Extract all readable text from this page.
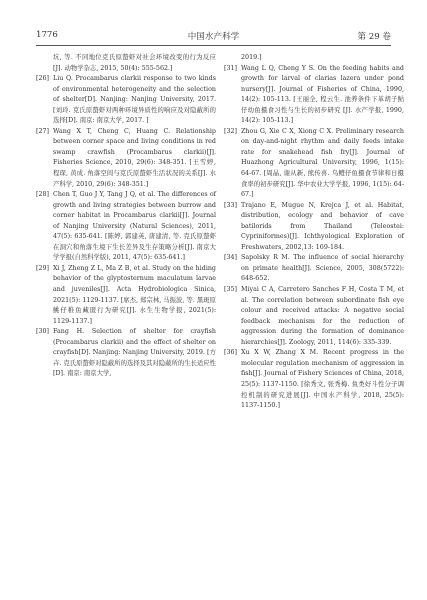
1776	中国水产科学	第 29 卷
坑, 等. 不同地位克氏原螯虾对社会环境改变的行为反应 [J]. 动物学杂志, 2015, 50(4): 555-562.]
[26] Liu Q. Procambarus clarkii response to two kinds of environmental heterogeneity and the selection of shelter[D]. Nanjing: Nanjing University, 2017. [刘玲. 克氏原螯虾对两种环境异质性的响应及对隐蔽所的选择[D]. 南京: 南京大学, 2017. ]
[27] Wang X T, Cheng C, Huang C. Relationship between corner space and living conditions in red swamp crawfish (Procambarus clarkii)[J]. Fisheries Science, 2010, 29(6): 348-351. [王雪婷, 程琛, 黄成. 角落空间与克氏原螯虾生活状况的关系[J]. 水产科学, 2010, 29(6): 348-351.]
[28] Chen T, Guo J Y, Tang J Q, et al. The differences of growth and living strategies between burrow and corner habitat in Procambarus clarkii[J]. Journal of Nanjing University (Natural Sciences), 2011, 47(5): 635-641. [陈婷, 郭建英, 唐建清, 等. 克氏原螯虾在洞穴和角落生境下生长差异及生存策略分析[J]. 南京大学学报(自然科学版), 2011, 47(5): 635-641.]
[29] Xi J, Zheng Z L, Ma Z B, et al. Study on the hiding behavior of the glyptosternum maculatum larvae and juveniles[J]. Acta Hydrobiologica Sinica, 2021(5): 1129-1137. [席杰, 郑宗林, 马振波, 等. 黑斑原鮡仔稚鱼藏匿行为研究[J]. 水生生物学报, 2021(5): 1129-1137.]
[30] Fang H. Selection of shelter for crayfish (Procambarus clarkii) and the effect of shelter on crayfish[D]. Nanjing: Nanjing University, 2019. [方卉. 克氏原螯虾对隐蔽所的选择及其对隐蔽所的生长适应性[D]. 南京: 南京大学,
2019.]
[31] Wang L Q, Cheng Y S. On the feeding habits and growth for larval of clarias lazera under pond nursery[J]. Journal of Fisheries of China, 1990, 14(2): 105-113. [王丽全, 程云生. 池养条件下革胡子鲇仔幼鱼摄食习性与生长的初步研究 [J]. 水产学报, 1990, 14(2): 105-113.]
[32] Zhou G, Xie C X, Xiong C X. Preliminary research on day-and-night rhythm and daily feeds intake rate for snakehead fish fry[J]. Journal of Huazhong Agricultural University, 1996, 1(15): 64-67. [周晶, 谢从新, 熊传喜. 乌鳢仔鱼摄食节律和日摄食率的初步研究[J]. 华中农业大学学报, 1996, 1(15): 64-67.]
[33] Trajano E, Mugue N, Krejca J, et al. Habitat, distribution, ecology and behavior of cave batilorids from Thailand (Teleostei: Cypriniformes)[J]. Ichthyological Exploration of Freshwaters, 2002,13: 169-184.
[34] Sapolsky R M. The influence of social hierarchy on primate health[J]. Science, 2005, 308(5722): 648-652.
[35] Miyai C A, Carretero Sanches F H, Costa T M, et al. The correlation between subordinate fish eye colour and received attacks: A negative social feedback mechanism for the reduction of aggression during the formation of dominance hierarchies[J]. Zoology, 2011, 114(6): 335-339.
[36] Xu X W, Zhang X M. Recent progress in the molecular regulation mechanism of aggression in fish[J]. Journal of Fishery Sciences of China, 2018, 25(5): 1137-1150. [徐秀文, 张秀梅. 鱼类好斗性分子调控机制的研究进展[J]. 中国水产科学, 2018, 25(5): 1137-1150.]
